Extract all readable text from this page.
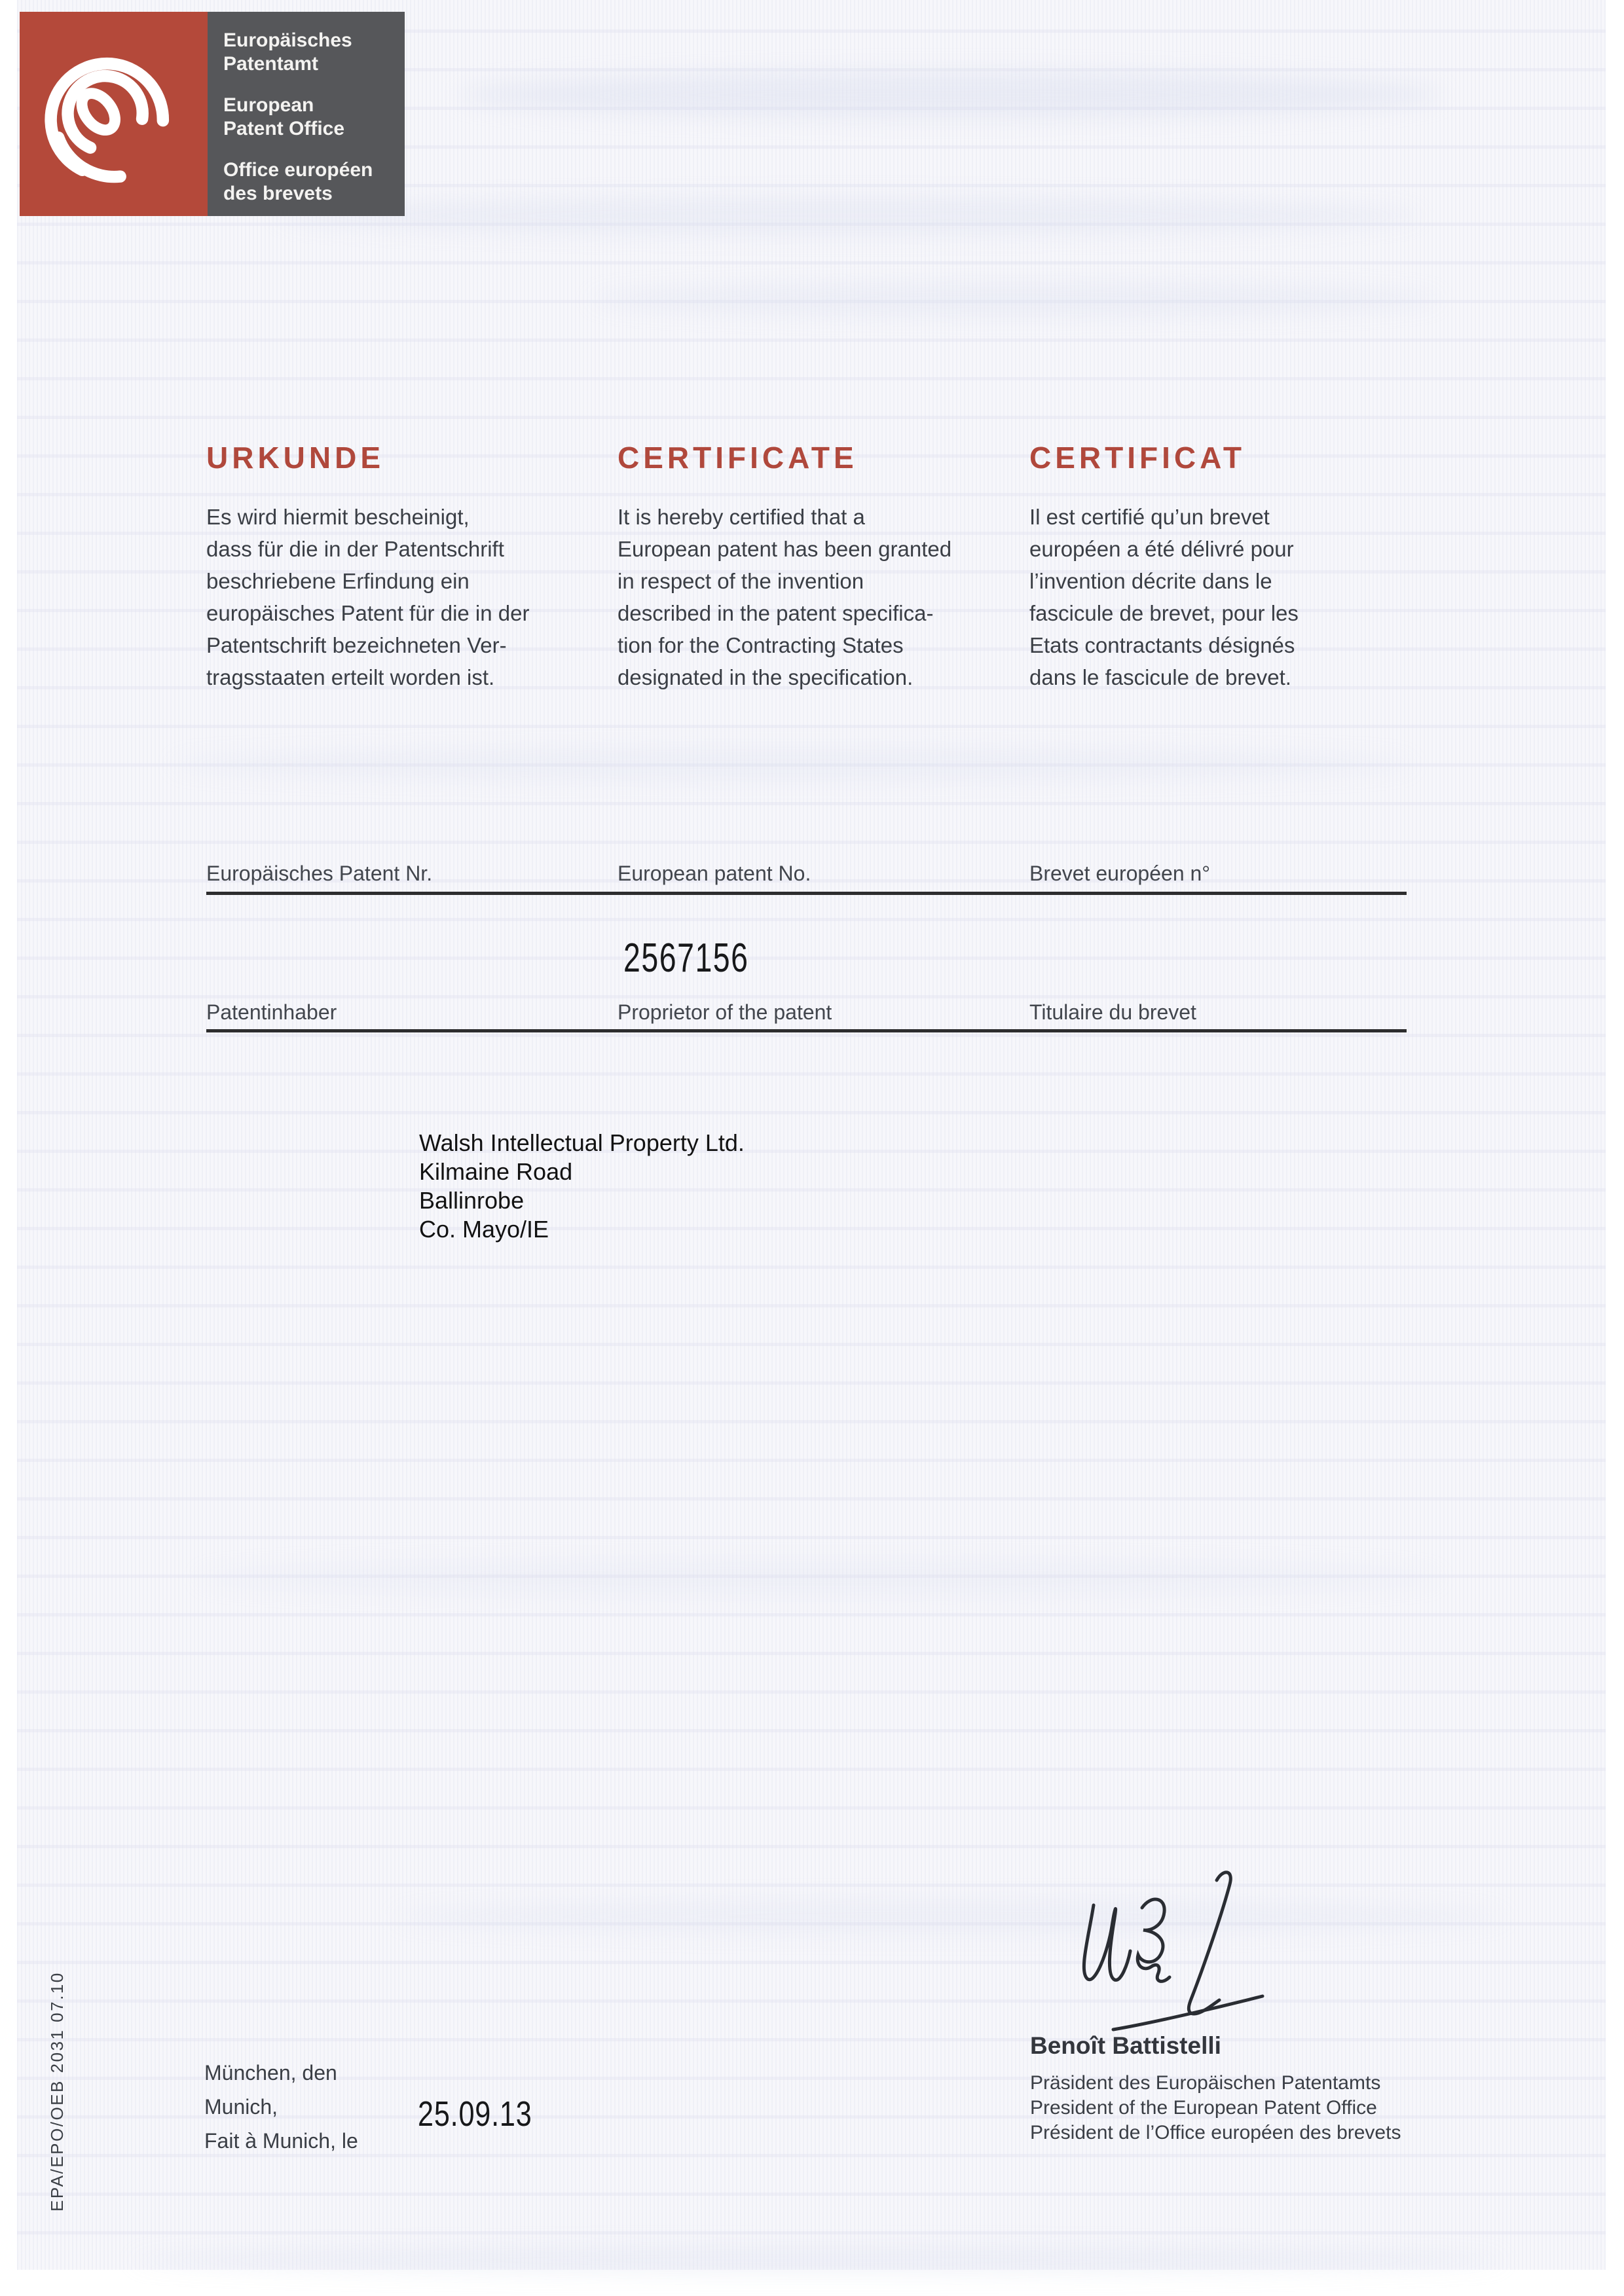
Europäisches
Patentamt
European
Patent Office
Office européen
des brevets
URKUNDE	CERTIFICATE	CERTIFICAT
Es wird hiermit bescheinigt,
dass für die in der Patentschrift
beschriebene Erfindung ein
europäisches Patent für die in der
Patentschrift bezeichneten Ver-
tragsstaaten erteilt worden ist.
It is hereby certified that a
European patent has been granted
in respect of the invention
described in the patent specifica-
tion for the Contracting States
designated in the specification.
Il est certifié qu’un brevet
européen a été délivré pour
l’invention décrite dans le
fascicule de brevet, pour les
Etats contractants désignés
dans le fascicule de brevet.
Europäisches Patent Nr.	European patent No.	Brevet européen n°
2567156
Patentinhaber	Proprietor of the patent	Titulaire du brevet
Walsh Intellectual Property Ltd.
Kilmaine Road
Ballinrobe
Co. Mayo/IE
Benoît Battistelli
Präsident des Europäischen Patentamts
President of the European Patent Office
Président de l’Office européen des brevets
München, den
Munich,
Fait à Munich, le
25.09.13
EPA/EPO/OEB 2031 07.10
